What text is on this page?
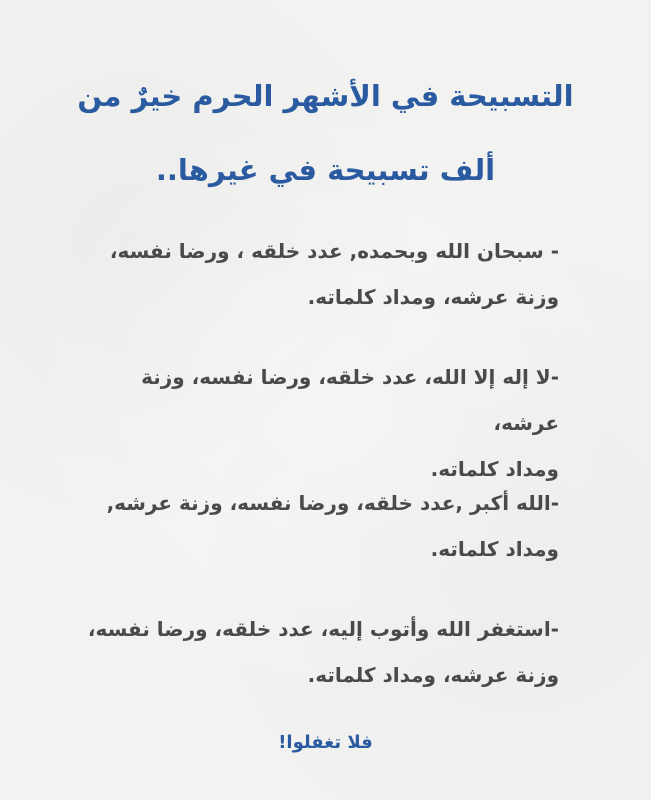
التسبيحة في الأشهر الحرم خيرٌ من
ألف تسبيحة في غيرها..
- سبحان الله وبحمده, عدد خلقه ، ورضا نفسه،
وزنة عرشه، ومداد كلماته.
-لا إله إلا الله، عدد خلقه، ورضا نفسه، وزنة عرشه،
ومداد كلماته.
-الله أكبر ,عدد خلقه، ورضا نفسه، وزنة عرشه,
ومداد كلماته.
-استغفر الله وأتوب إليه، عدد خلقه، ورضا نفسه،
وزنة عرشه، ومداد كلماته.

فلا تغفلوا!
